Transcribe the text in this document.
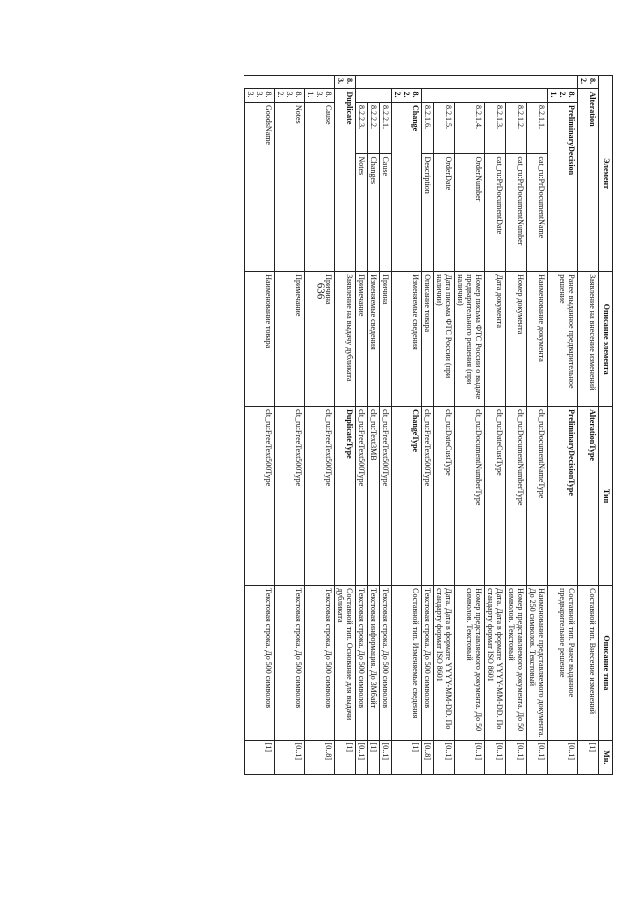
636
Элемент				Описание элемента	Тип	Описание типа	Мн.
8.2.	Alteration			Заявление на внесение изменений	AlterationType	Составной тип. Внесение изменений	[1]
	8.2.1.	PreliminaryDecision		Ранее выданное предварительное решение	PreliminaryDecisionType	Составной тип. Ранее выданное предварительное решение	[0..1]
		8.2.1.1.	cat_ru:PrDocumentName	Наименование документа	clt_ru:DocumentNameType	Наименование представляемого документа. До 250 символов. Текстовый	[0..1]
		8.2.1.2.	cat_ru:PrDocumentNumber	Номер документа	clt_ru:DocumentNumberType	Номер представляемого документа. До 50 символов. Текстовый	[0..1]
		8.2.1.3.	cat_ru:PrDocumentDate	Дата документа	clt_ru:DateCustType	Дата. Дата в формате YYYY-MM-DD. По стандарту формат ISO 8601	[0..1]
		8.2.1.4.	OrderNumber	Номер письма ФТС России о выдаче предварительного решения (при наличии)	clt_ru:DocumentNumberType	Номер представляемого документа. До 50 символов. Текстовый	[0..1]
		8.2.1.5.	OrderDate	Дата письма ФТС России (при наличии)	clt_ru:DateCustType	Дата. Дата в формате YYYY-MM-DD. По стандарту формат ISO 8601	[0..1]
		8.2.1.6.	Description	Описание товара	clt_ru:FreeText500Type	Текстовая строка. До 500 символов	[0..8]
	8.2.2.	Change		Изменяемые сведения	ChangeType	Составной тип. Изменяемые сведения	[1]
		8.2.2.1.	Cause	Причина	clt_ru:FreeText500Type	Текстовая строка. До 500 символов	[0..1]
		8.2.2.2.	Changes	Изменяемые сведения	clt_ru:Text3MB	Текстовая информация. До 3Мбайт	[1]
		8.2.2.3.	Notes	Примечание	clt_ru:FreeText500Type	Текстовая строка. До 500 символов	[0..1]
8.3.	Duplicate			Заявление на выдачу дубликата	DuplicateType	Составной тип. Основание для выдачи дубликата	[1]
	8.3.1.	Cause		Причина	clt_ru:FreeText500Type	Текстовая строка. До 500 символов	[0..8]
	8.3.2.	Notes		Примечание	clt_ru:FreeText500Type	Текстовая строка. До 500 символов	[0..1]
	8.3.3.	GoodsName		Наименование товара	clt_ru:FreeText500Type	Текстовая строка. До 500 символов	[1]
